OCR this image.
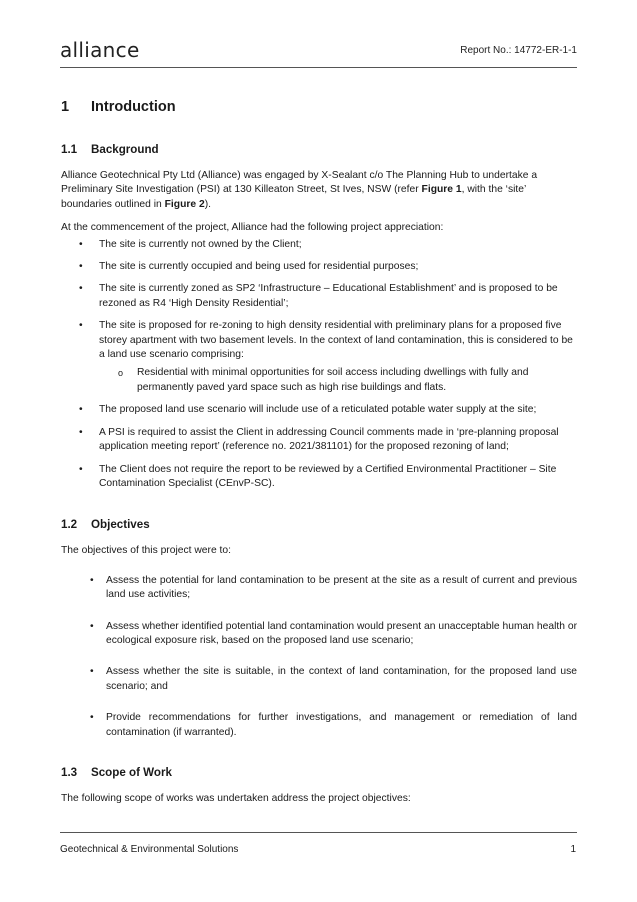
alliance	Report No.: 14772-ER-1-1
1 Introduction
1.1 Background

Alliance Geotechnical Pty Ltd (Alliance) was engaged by X-Sealant c/o The Planning Hub to undertake a Preliminary Site Investigation (PSI) at 130 Killeaton Street, St Ives, NSW (refer Figure 1, with the ‘site’ boundaries outlined in Figure 2).

At the commencement of the project, Alliance had the following project appreciation:

• The site is currently not owned by the Client;
• The site is currently occupied and being used for residential purposes;
• The site is currently zoned as SP2 ‘Infrastructure – Educational Establishment’ and is proposed to be rezoned as R4 ‘High Density Residential’;
• The site is proposed for re-zoning to high density residential with preliminary plans for a proposed five storey apartment with two basement levels. In the context of land contamination, this is considered to be a land use scenario comprising:
o Residential with minimal opportunities for soil access including dwellings with fully and permanently paved yard space such as high rise buildings and flats.
• The proposed land use scenario will include use of a reticulated potable water supply at the site;
• A PSI is required to assist the Client in addressing Council comments made in ‘pre-planning proposal application meeting report’ (reference no. 2021/381101) for the proposed rezoning of land;
• The Client does not require the report to be reviewed by a Certified Environmental Practitioner – Site Contamination Specialist (CEnvP-SC).
1.2 Objectives

The objectives of this project were to:

• Assess the potential for land contamination to be present at the site as a result of current and previous land use activities;
• Assess whether identified potential land contamination would present an unacceptable human health or ecological exposure risk, based on the proposed land use scenario;
• Assess whether the site is suitable, in the context of land contamination, for the proposed land use scenario; and
• Provide recommendations for further investigations, and management or remediation of land contamination (if warranted).
1.3 Scope of Work

The following scope of works was undertaken address the project objectives:

Geotechnical & Environmental Solutions	1
